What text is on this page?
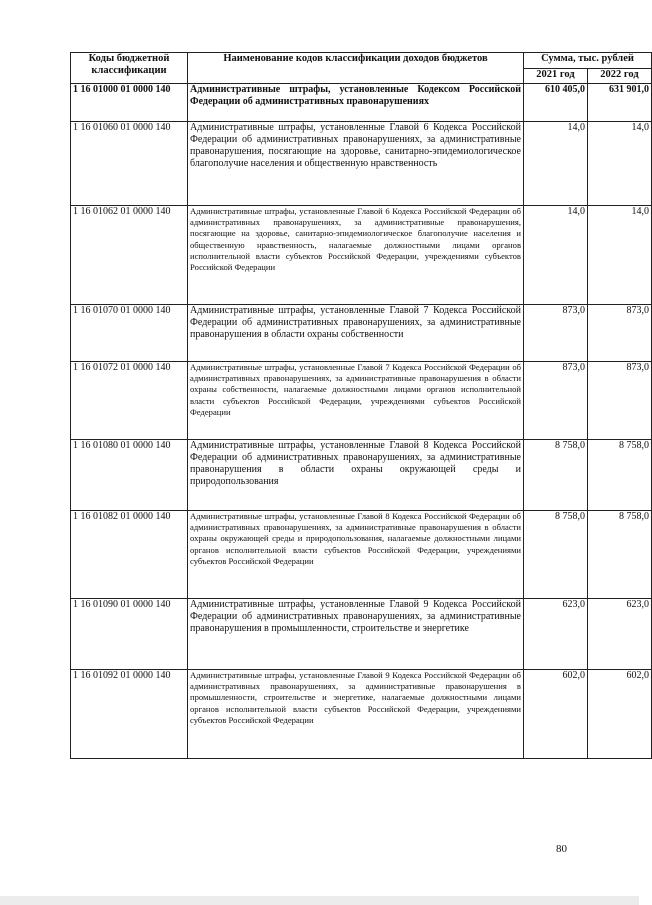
Коды бюджетной классификации	Наименование кодов классификации доходов бюджетов	Сумма, тыс. рублей	
		2021 год	2022 год
1 16 01000 01 0000 140	Административные штрафы, установленные Кодексом Российской Федерации об административных правонарушениях	610 405,0	631 901,0
1 16 01060 01 0000 140	Административные штрафы, установленные Главой 6 Кодекса Российской Федерации об административных правонарушениях, за административные правонарушения, посягающие на здоровье, санитарно-эпидемиологическое благополучие населения и общественную нравственность	14,0	14,0
1 16 01062 01 0000 140	Административные штрафы, установленные Главой 6 Кодекса Российской Федерации об административных правонарушениях, за административные правонарушения, посягающие на здоровье, санитарно-эпидемиологическое благополучие населения и общественную нравственность, налагаемые должностными лицами органов исполнительной власти субъектов Российской Федерации, учреждениями субъектов Российской Федерации	14,0	14,0
1 16 01070 01 0000 140	Административные штрафы, установленные Главой 7 Кодекса Российской Федерации об административных правонарушениях, за административные правонарушения в области охраны собственности	873,0	873,0
1 16 01072 01 0000 140	Административные штрафы, установленные Главой 7 Кодекса Российской Федерации об административных правонарушениях, за административные правонарушения в области охраны собственности, налагаемые должностными лицами органов исполнительной власти субъектов Российской Федерации, учреждениями субъектов Российской Федерации	873,0	873,0
1 16 01080 01 0000 140	Административные штрафы, установленные Главой 8 Кодекса Российской Федерации об административных правонарушениях, за административные правонарушения в области охраны окружающей среды и природопользования	8 758,0	8 758,0
1 16 01082 01 0000 140	Административные штрафы, установленные Главой 8 Кодекса Российской Федерации об административных правонарушениях, за административные правонарушения в области охраны окружающей среды и природопользования, налагаемые должностными лицами органов исполнительной власти субъектов Российской Федерации, учреждениями субъектов Российской Федерации	8 758,0	8 758,0
1 16 01090 01 0000 140	Административные штрафы, установленные Главой 9 Кодекса Российской Федерации об административных правонарушениях, за административные правонарушения в промышленности, строительстве и энергетике	623,0	623,0
1 16 01092 01 0000 140	Административные штрафы, установленные Главой 9 Кодекса Российской Федерации об административных правонарушениях, за административные правонарушения в промышленности, строительстве и энергетике, налагаемые должностными лицами органов исполнительной власти субъектов Российской Федерации, учреждениями субъектов Российской Федерации	602,0	602,0
80
